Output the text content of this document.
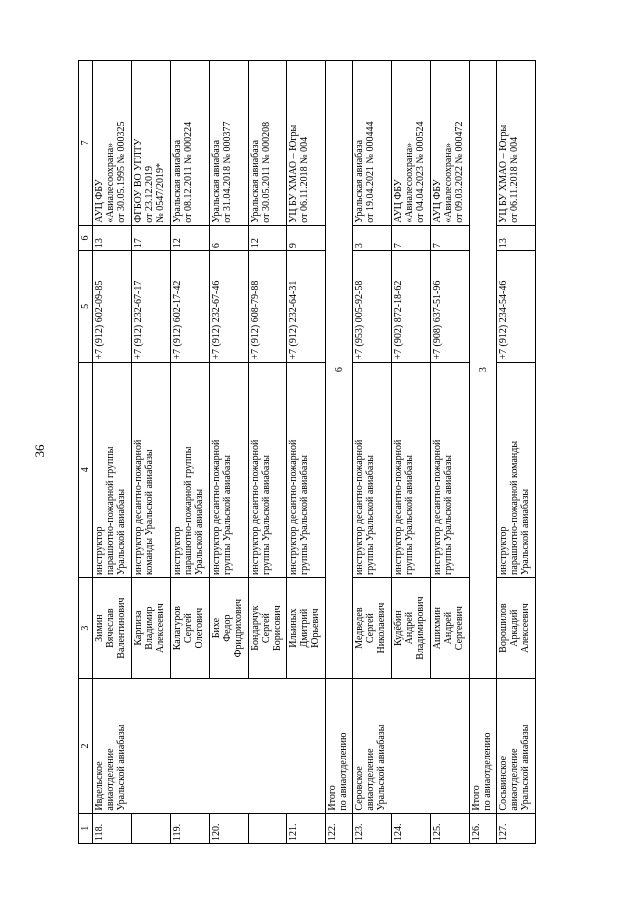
36
1	2	3	4	5	6	7
118.	Ивдельское
авиаотделение
Уральской авиабазы	Зимин
Вячеслав
Валентинович	инструктор
парашютно-пожарной группы
Уральской авиабазы	+7 (912) 602-09-85	13	АУЦ ФБУ
«Авиалесоохрана»
от 30.05.1995 № 000325
		Карпиза
Владимир
Алексеевич	инструктор десантно-пожарной
команды Уральской авиабазы	+7 (912) 232-67-17	17	ФГБОУ ВО УГЛТУ
от 23.12.2019
№ 0547/2019*
119.		Калагуров
Сергей
Олегович	инструктор
парашютно-пожарной группы
Уральской авиабазы	+7 (912) 602-17-42	12	Уральская авиабаза
от 08.12.2011 № 000224
120.		Бихе
Федор
Фридрихович	инструктор десантно-пожарной
группы Уральской авиабазы	+7 (912) 232-67-46	6	Уральская авиабаза
от 31.04.2018 № 000377
		Бондарчук
Сергей
Борисович	инструктор десантно-пожарной
группы Уральской авиабазы	+7 (912) 608-79-88	12	Уральская авиабаза
от 30.05.2011 № 000208
121.		Ильиных
Дмитрий
Юрьевич	инструктор десантно-пожарной
группы Уральской авиабазы	+7 (912) 232-64-31	9	УЦ БУ ХМАО – Югры
от 06.11.2018 № 004
122.	Итого
по авиаотделению	6				
123.	Серовское
авиаотделение
Уральской авиабазы	Медведев
Сергей
Николаевич	инструктор десантно-пожарной
группы Уральской авиабазы	+7 (953) 005-92-58	3	Уральская авиабаза
от 19.04.2021 № 000444
124.		Кудёбин
Андрей
Владимирович	инструктор десантно-пожарной
группы Уральской авиабазы	+7 (902) 872-18-62	7	АУЦ ФБУ
«Авиалесоохрана»
от 04.04.2023 № 000524
125.		Ашихмин
Андрей
Сергеевич	инструктор десантно-пожарной
группы Уральской авиабазы	+7 (908) 637-51-96	7	АУЦ ФБУ
«Авиалесоохрана»
от 09.03.2022 № 000472
126.	Итого
по авиаотделению	3				
127.	Сосьвинское
авиаотделение
Уральской авиабазы	Ворошилов
Аркадий
Алексеевич	инструктор
парашютно-пожарной команды
Уральской авиабазы	+7 (912) 234-54-46	13	УЦ БУ ХМАО – Югры
от 06.11.2018 № 004
